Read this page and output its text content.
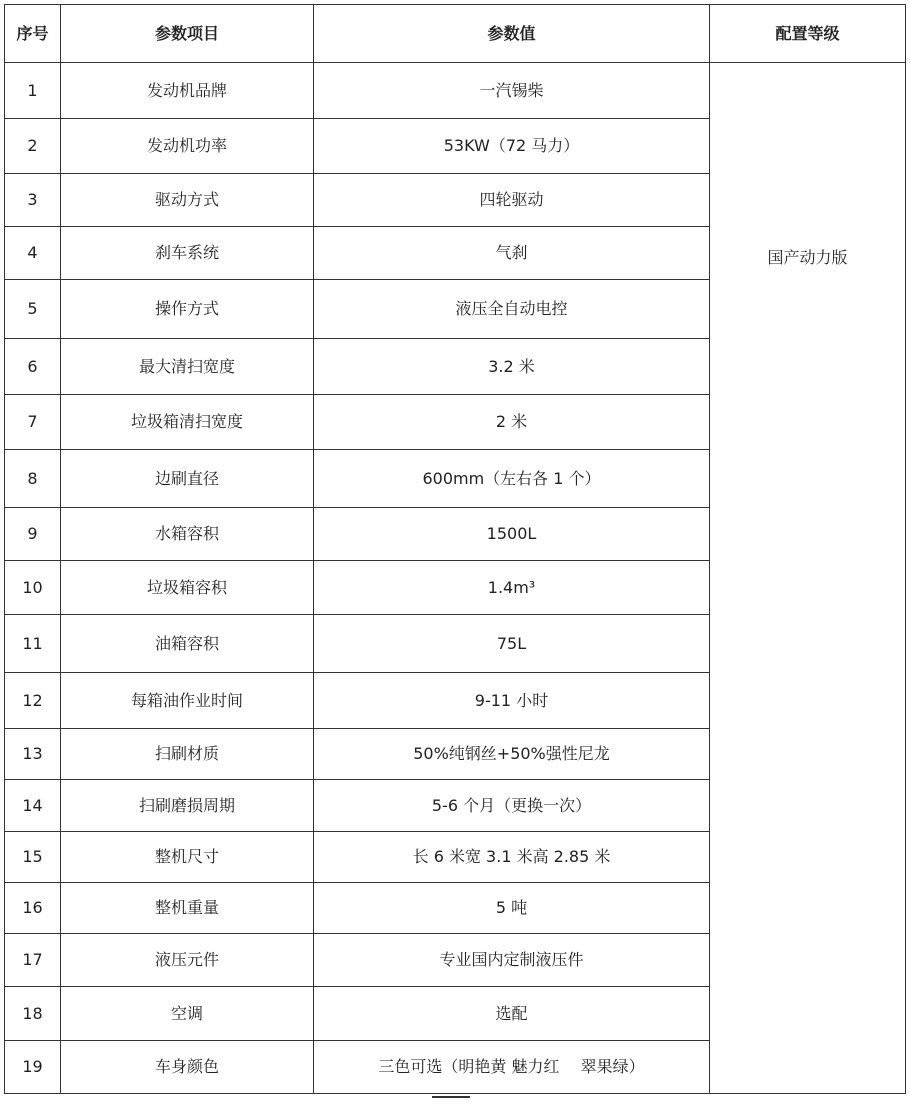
序号	参数项目	参数值	配置等级
1	发动机品牌	一汽锡柴	国产动力版
2	发动机功率	53KW（72 马力）	
3	驱动方式	四轮驱动	
4	刹车系统	气刹	
5	操作方式	液压全自动电控	
6	最大清扫宽度	3.2 米	
7	垃圾箱清扫宽度	2 米	
8	边刷直径	600mm（左右各 1 个）	
9	水箱容积	1500L	
10	垃圾箱容积	1.4m³	
11	油箱容积	75L	
12	每箱油作业时间	9-11 小时	
13	扫刷材质	50%纯钢丝+50%强性尼龙	
14	扫刷磨损周期	5-6 个月（更换一次）	
15	整机尺寸	长 6 米宽 3.1 米高 2.85 米	
16	整机重量	5 吨	
17	液压元件	专业国内定制液压件	
18	空调	选配	
19	车身颜色	三色可选（明艳黄 魅力红　 翠果绿）	
